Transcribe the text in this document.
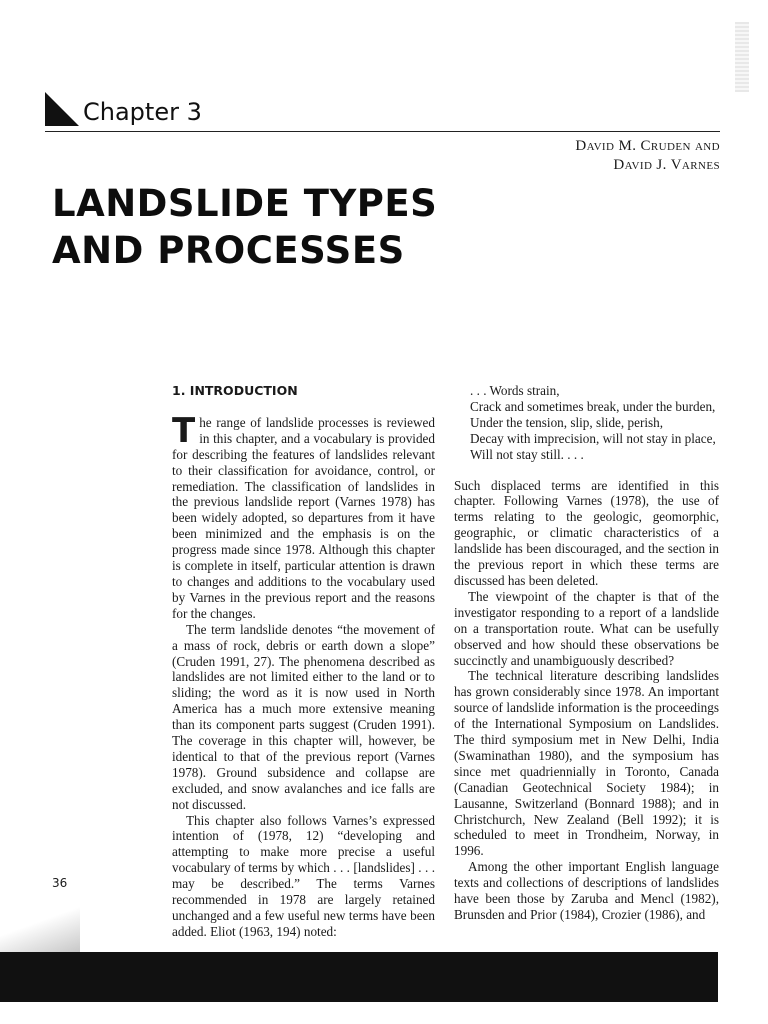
Chapter 3
David M. Cruden and
David J. Varnes
LANDSLIDE TYPES
AND PROCESSES
1. INTRODUCTION

The range of landslide processes is reviewed in this chapter, and a vocabulary is provided for describing the features of landslides relevant to their classification for avoidance, control, or remediation. The classification of landslides in the previous landslide report (Varnes 1978) has been widely adopted, so departures from it have been minimized and the emphasis is on the progress made since 1978. Although this chapter is complete in itself, particular attention is drawn to changes and additions to the vocabulary used by Varnes in the previous report and the reasons for the changes.

The term landslide denotes “the movement of a mass of rock, debris or earth down a slope” (Cruden 1991, 27). The phenomena described as landslides are not limited either to the land or to sliding; the word as it is now used in North America has a much more extensive meaning than its component parts suggest (Cruden 1991). The coverage in this chapter will, however, be identical to that of the previous report (Varnes 1978). Ground subsidence and collapse are excluded, and snow avalanches and ice falls are not discussed.

This chapter also follows Varnes’s expressed intention of (1978, 12) “developing and attempting to make more precise a useful vocabulary of terms by which . . . [landslides] . . . may be described.” The terms Varnes recommended in 1978 are largely retained unchanged and a few useful new terms have been added. Eliot (1963, 194) noted:

. . . Words strain,
Crack and sometimes break, under the burden,
Under the tension, slip, slide, perish,
Decay with imprecision, will not stay in place,
Will not stay still. . . .

Such displaced terms are identified in this chapter. Following Varnes (1978), the use of terms relating to the geologic, geomorphic, geographic, or climatic characteristics of a landslide has been discouraged, and the section in the previous report in which these terms are discussed has been deleted.

The viewpoint of the chapter is that of the investigator responding to a report of a landslide on a transportation route. What can be usefully observed and how should these observations be succinctly and unambiguously described?

The technical literature describing landslides has grown considerably since 1978. An important source of landslide information is the proceedings of the International Symposium on Landslides. The third symposium met in New Delhi, India (Swaminathan 1980), and the symposium has since met quadriennially in Toronto, Canada (Canadian Geotechnical Society 1984); in Lausanne, Switzerland (Bonnard 1988); and in Christchurch, New Zealand (Bell 1992); it is scheduled to meet in Trondheim, Norway, in 1996.

Among the other important English language texts and collections of descriptions of landslides have been those by Zaruba and Mencl (1982), Brunsden and Prior (1984), Crozier (1986), and

36
